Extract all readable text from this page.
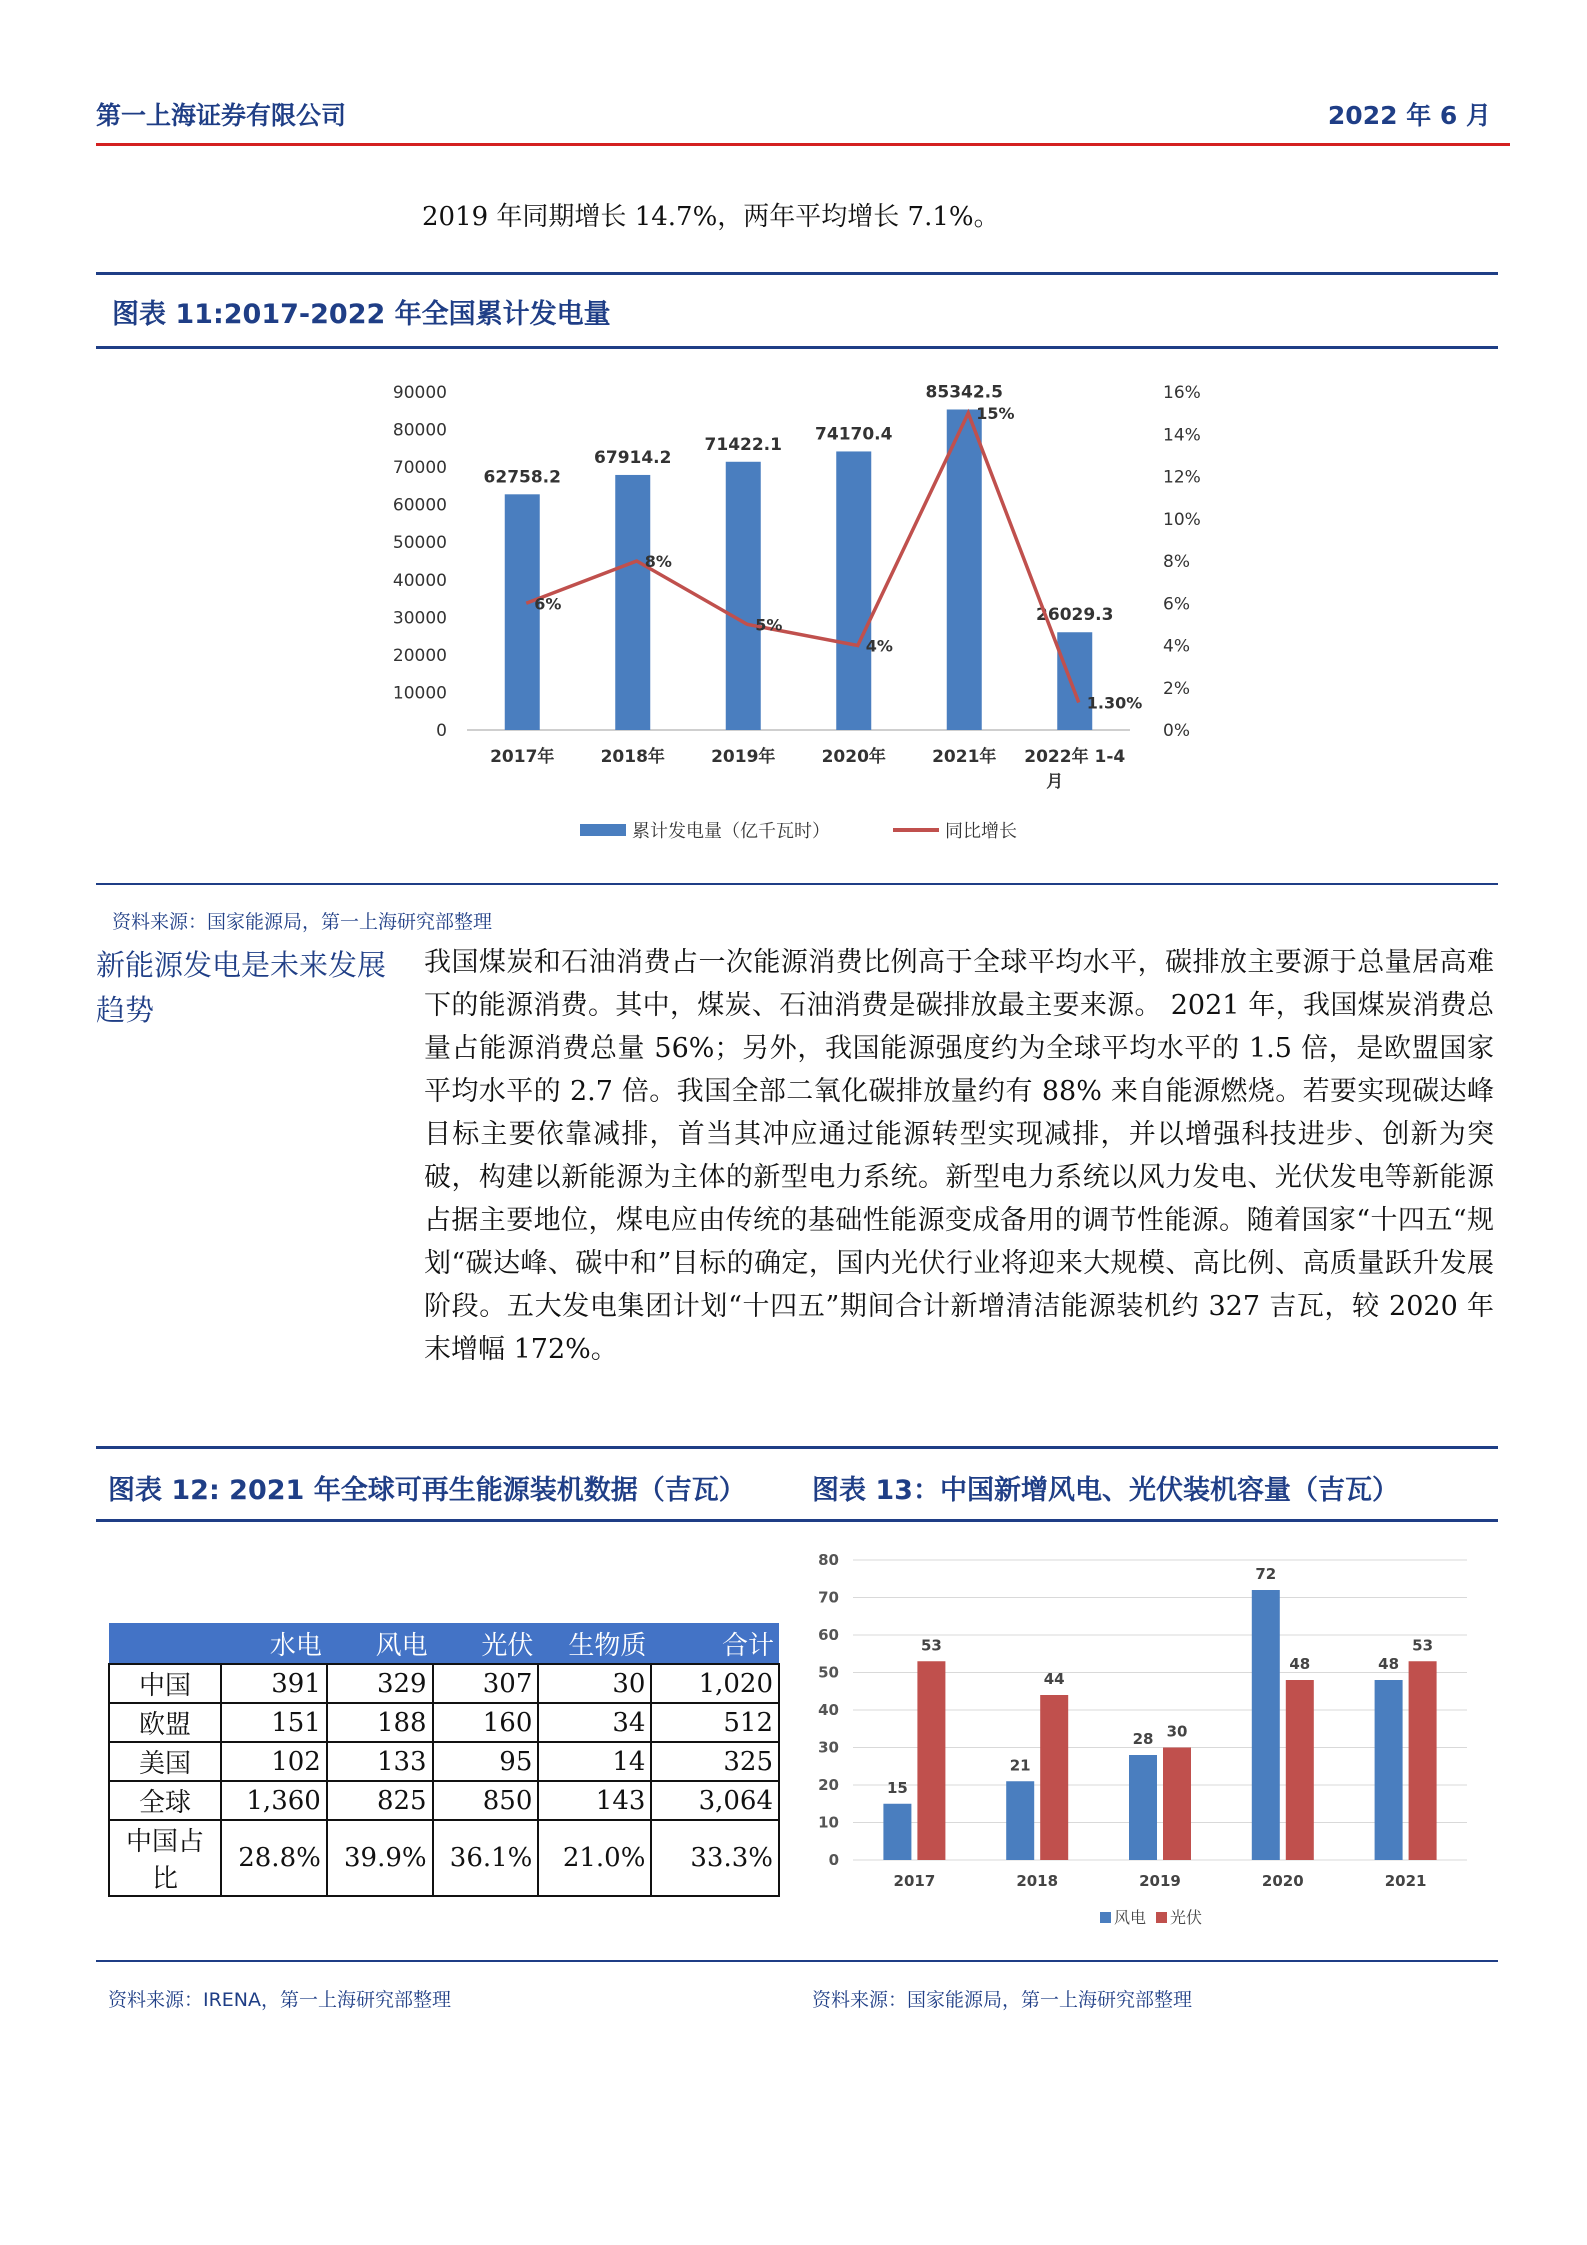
第一上海证券有限公司	2022 年 6 月
2019 年同期增长 14.7%，两年平均增长 7.1%。
图表 11:2017-2022 年全国累计发电量
0
10000
20000
30000
40000
50000
60000
70000
80000
90000
0%
2%
4%
6%
8%
10%
12%
14%
16%
62758.2
2017年
67914.2
2018年
71422.1
2019年
74170.4
2020年
85342.5
2021年
26029.3
2022年 1-4
月
6%
8%
5%
4%
15%
1.30%
累计发电量（亿千瓦时）	同比增长
资料来源：国家能源局，第一上海研究部整理
新能源发电是未来发展趋势

我国煤炭和石油消费占一次能源消费比例高于全球平均水平，碳排放主要源于总量居高难下的能源消费。其中，煤炭、石油消费是碳排放最主要来源。 2021 年，我国煤炭消费总量占能源消费总量 56%；另外，我国能源强度约为全球平均水平的 1.5 倍，是欧盟国家平均水平的 2.7 倍。我国全部二氧化碳排放量约有 88% 来自能源燃烧。若要实现碳达峰目标主要依靠减排，首当其冲应通过能源转型实现减排，并以增强科技进步、创新为突破，构建以新能源为主体的新型电力系统。新型电力系统以风力发电、光伏发电等新能源占据主要地位，煤电应由传统的基础性能源变成备用的调节性能源。随着国家“十四五“规划“碳达峰、碳中和”目标的确定，国内光伏行业将迎来大规模、高比例、高质量跃升发展阶段。五大发电集团计划“十四五”期间合计新增清洁能源装机约 327 吉瓦，较 2020 年末增幅 172%。

图表 12: 2021 年全球可再生能源装机数据（吉瓦） 图表 13：中国新增风电、光伏装机容量（吉瓦）
	水电	风电	光伏	生物质	合计
中国	391	329	307	30	1,020
欧盟	151	188	160	34	512
美国	102	133	95	14	325
全球	1,360	825	850	143	3,064
中国占比	28.8%	39.9%	36.1%	21.0%	33.3%	0
10
20
30
40
50
60
70
80
15
53
2017
21
44
2018
28 30
2019
72
48
2020
48
53
2021
风电 光伏
资料来源：IRENA，第一上海研究部整理	资料来源：国家能源局，第一上海研究部整理
